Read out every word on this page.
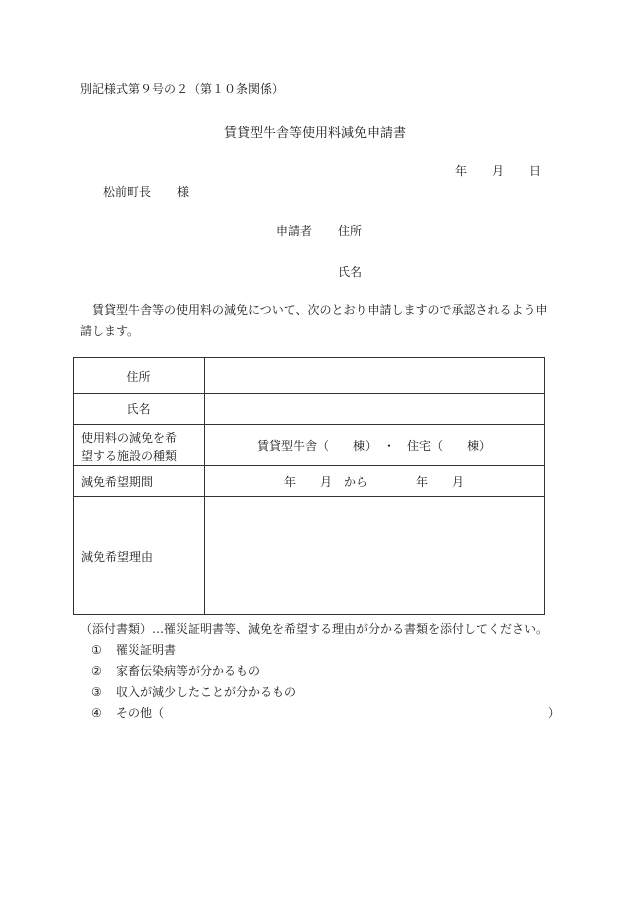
別記様式第９号の２（第１０条関係）
賃貸型牛舎等使用料減免申請書
年 月 日
松前町長 様
申請者 住所
氏名
賃貸型牛舎等の使用料の減免について、次のとおり申請しますので承認されるよう申請します。
住所
氏名
使用料の減免を希
望する施設の種類
賃貸型牛舎（　　棟）　・　住宅（　　棟）
減免希望期間	年　　月　から　　　　年　　月
減免希望理由
（添付書類）…罹災証明書等、減免を希望する理由が分かる書類を添付してください。
① 罹災証明書
② 家畜伝染病等が分かるもの
③ 収入が減少したことが分かるもの
④ その他（　　　　　　　　　　　　　　　　　　　　　　　　　　　　　　　　）
